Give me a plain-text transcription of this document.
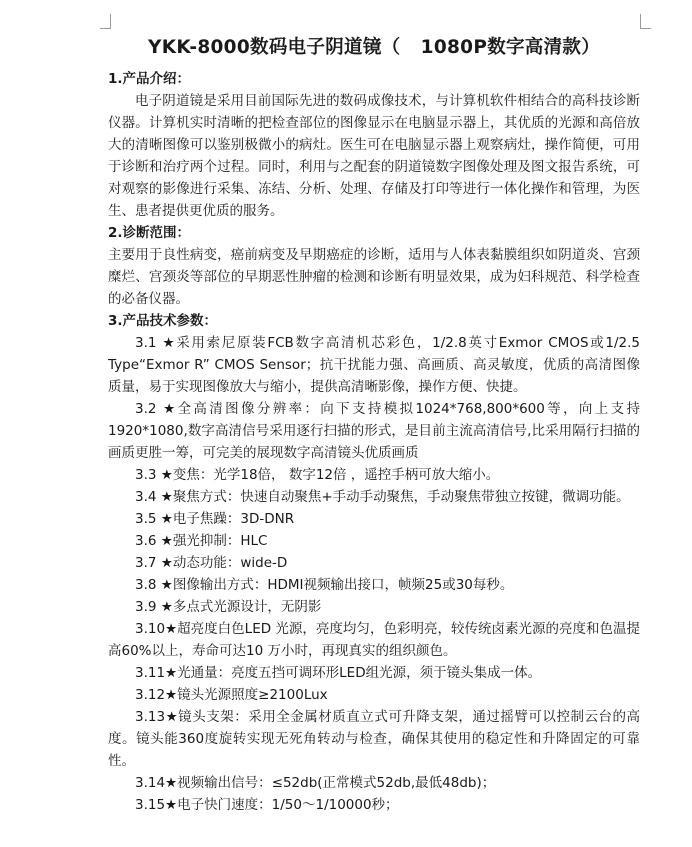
YKK-8000数码电子阴道镜（   1080P数字高清款）

1.产品介绍：

电子阴道镜是采用目前国际先进的数码成像技术，与计算机软件相结合的高科技诊断仪器。计算机实时清晰的把检查部位的图像显示在电脑显示器上，其优质的光源和高倍放大的清晰图像可以鉴别极微小的病灶。医生可在电脑显示器上观察病灶，操作简便，可用于诊断和治疗两个过程。同时，利用与之配套的阴道镜数字图像处理及图文报告系统，可对观察的影像进行采集、冻结、分析、处理、存储及打印等进行一体化操作和管理，为医生、患者提供更优质的服务。

2.诊断范围：

主要用于良性病变，癌前病变及早期癌症的诊断，适用与人体表黏膜组织如阴道炎、宫颈糜烂、宫颈炎等部位的早期恶性肿瘤的检测和诊断有明显效果，成为妇科规范、科学检查的必备仪器。

3.产品技术参数：

3.1 ★采用索尼原装FCB数字高清机芯彩色，1/2.8英寸Exmor CMOS或1/2.5 Type“Exmor R” CMOS Sensor；抗干扰能力强、高画质、高灵敏度，优质的高清图像质量，易于实现图像放大与缩小，提供高清晰影像，操作方便、快捷。

3.2 ★全高清图像分辨率：向下支持模拟1024*768,800*600等，向上支持1920*1080,数字高清信号采用逐行扫描的形式，是目前主流高清信号,比采用隔行扫描的画质更胜一筹，可完美的展现数字高清镜头优质画质

3.3 ★变焦：光学18倍， 数字12倍 ，遥控手柄可放大缩小。

3.4 ★聚焦方式：快速自动聚焦+手动手动聚焦，手动聚焦带独立按键，微调功能。

3.5 ★电子焦躁：3D-DNR

3.6 ★强光抑制：HLC

3.7 ★动态功能：wide-D

3.8 ★图像输出方式：HDMI视频输出接口，帧频25或30每秒。

3.9 ★多点式光源设计，无阴影

3.10★超亮度白色LED 光源，亮度均匀，色彩明亮，较传统卤素光源的亮度和色温提高60%以上，寿命可达10 万小时，再现真实的组织颜色。

3.11★光通量：亮度五挡可调环形LED组光源，须于镜头集成一体。

3.12★镜头光源照度≥2100Lux

3.13★镜头支架：采用全金属材质直立式可升降支架，通过摇臂可以控制云台的高度。镜头能360度旋转实现无死角转动与检查，确保其使用的稳定性和升降固定的可靠性。

3.14★视频输出信号：≤52db(正常模式52db,最低48db)；

3.15★电子快门速度：1/50～1/10000秒；
